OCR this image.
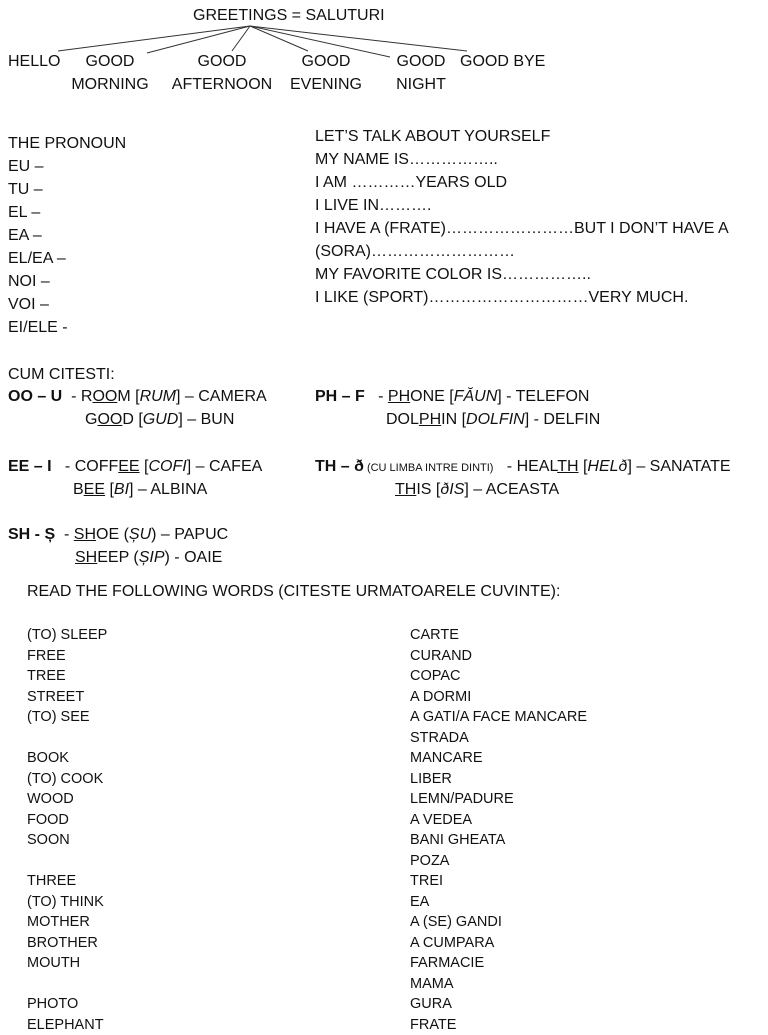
GREETINGS = SALUTURI
HELLO	GOOD
MORNING
GOOD
AFTERNOON
GOOD
EVENING
GOOD
NIGHT
GOOD BYE
THE PRONOUN
EU –
TU –
EL –
EA –
EL/EA –
NOI –
VOI –
EI/ELE -
LET’S TALK ABOUT YOURSELF
MY NAME IS……………..
I AM …………YEARS OLD
I LIVE IN……….
I HAVE A (FRATE)……………………BUT I DON’T HAVE A
(SORA)………………………
MY FAVORITE COLOR IS……………..
I LIKE (SPORT)…………………………VERY MUCH.
CUM CITESTI:
OO – U - ROOM [RUM] – CAMERA
GOOD [GUD] – BUN
PH – F - PHONE [FĂUN] - TELEFON
DOLPHIN [DOLFIN] - DELFIN
EE – I - COFFEE [COFI] – CAFEA
BEE [BI] – ALBINA
TH – ð (CU LIMBA INTRE DINTI) - HEALTH [HELð] – SANATATE
THIS [ðIS] – ACEASTA
SH - Ș - SHOE (ȘU) – PAPUC
SHEEP (ȘIP) - OAIE
READ THE FOLLOWING WORDS (CITESTE URMATOARELE CUVINTE):
(TO) SLEEP
FREE
TREE
STREET
(TO) SEE

BOOK
(TO) COOK
WOOD
FOOD
SOON

THREE
(TO) THINK
MOTHER
BROTHER
MOUTH

PHOTO
ELEPHANT
CARTE
CURAND
COPAC
A DORMI
A GATI/A FACE MANCARE
STRADA
MANCARE
LIBER
LEMN/PADURE
A VEDEA
BANI GHEATA
POZA
TREI
EA
A (SE) GANDI
A CUMPARA
FARMACIE
MAMA
GURA
FRATE
